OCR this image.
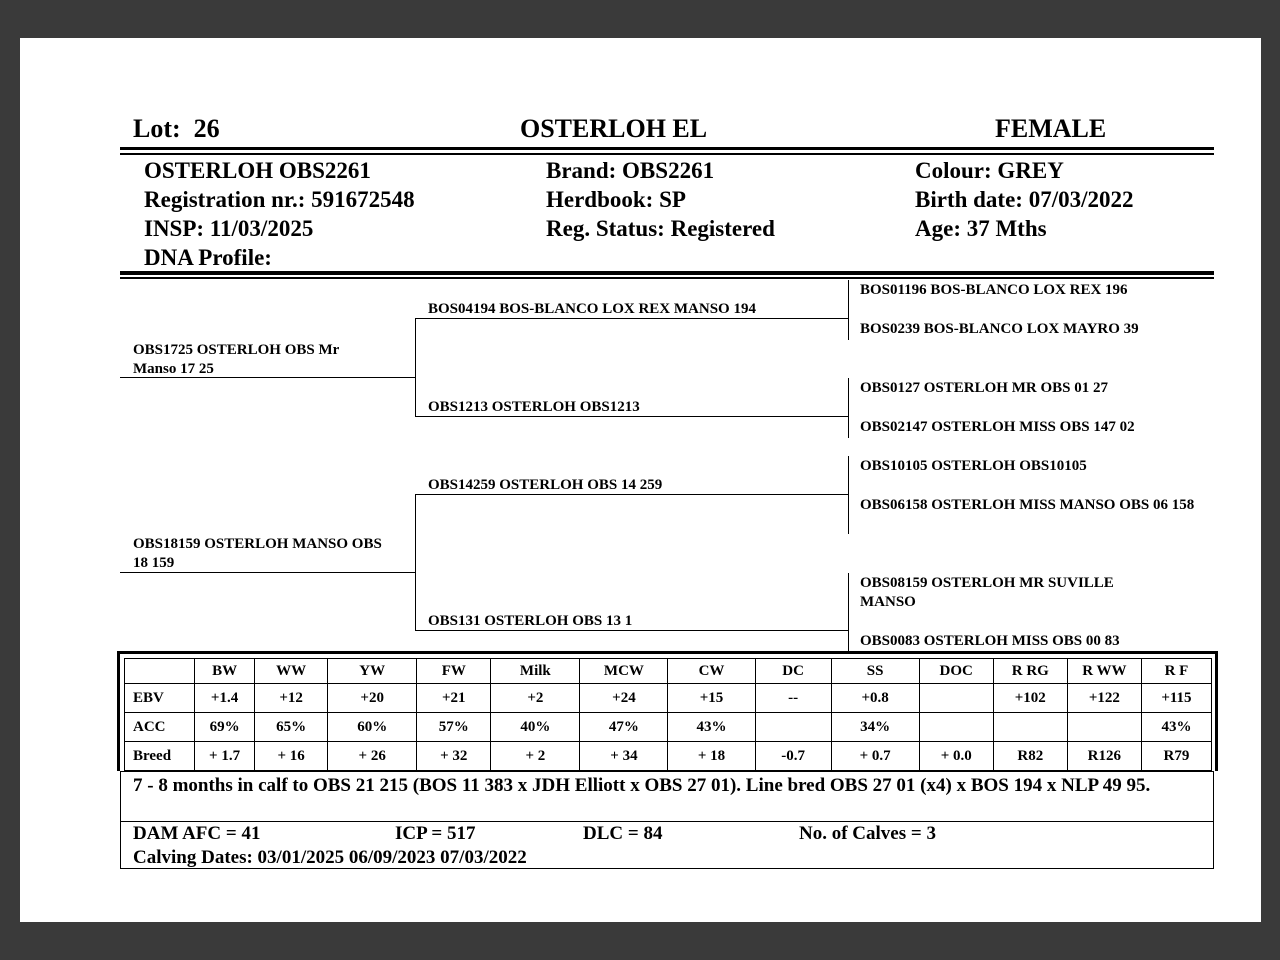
Lot: 26	OSTERLOH EL	FEMALE
OSTERLOH OBS2261
Registration nr.: 591672548
INSP: 11/03/2025
DNA Profile:
Brand: OBS2261
Herdbook: SP
Reg. Status: Registered
Colour: GREY
Birth date: 07/03/2022
Age: 37 Mths
OBS1725 OSTERLOH OBS Mr Manso 17 25
OBS18159 OSTERLOH MANSO OBS 18 159
BOS04194 BOS-BLANCO LOX REX MANSO 194
OBS1213 OSTERLOH OBS1213
OBS14259 OSTERLOH OBS 14 259
OBS131 OSTERLOH OBS 13 1
BOS01196 BOS-BLANCO LOX REX 196
BOS0239 BOS-BLANCO LOX MAYRO 39
OBS0127 OSTERLOH MR OBS 01 27
OBS02147 OSTERLOH MISS OBS 147 02
OBS10105 OSTERLOH OBS10105
OBS06158 OSTERLOH MISS MANSO OBS 06 158
OBS08159 OSTERLOH MR SUVILLE MANSO
OBS0083 OSTERLOH MISS OBS 00 83
	BW	WW	YW	FW	Milk	MCW	CW	DC	SS	DOC	R RG	R WW	R F
EBV	+1.4	+12	+20	+21	+2	+24	+15	--	+0.8		+102	+122	+115
ACC	69%	65%	60%	57%	40%	47%	43%		34%				43%
Breed	+ 1.7	+ 16	+ 26	+ 32	+ 2	+ 34	+ 18	-0.7	+ 0.7	+ 0.0	R82	R126	R79
7 - 8 months in calf to OBS 21 215 (BOS 11 383 x JDH Elliott x OBS 27 01). Line bred OBS 27 01 (x4) x BOS 194 x NLP 49 95.
DAM AFC = 41	ICP = 517	DLC = 84	No. of Calves = 3
Calving Dates: 03/01/2025 06/09/2023 07/03/2022
